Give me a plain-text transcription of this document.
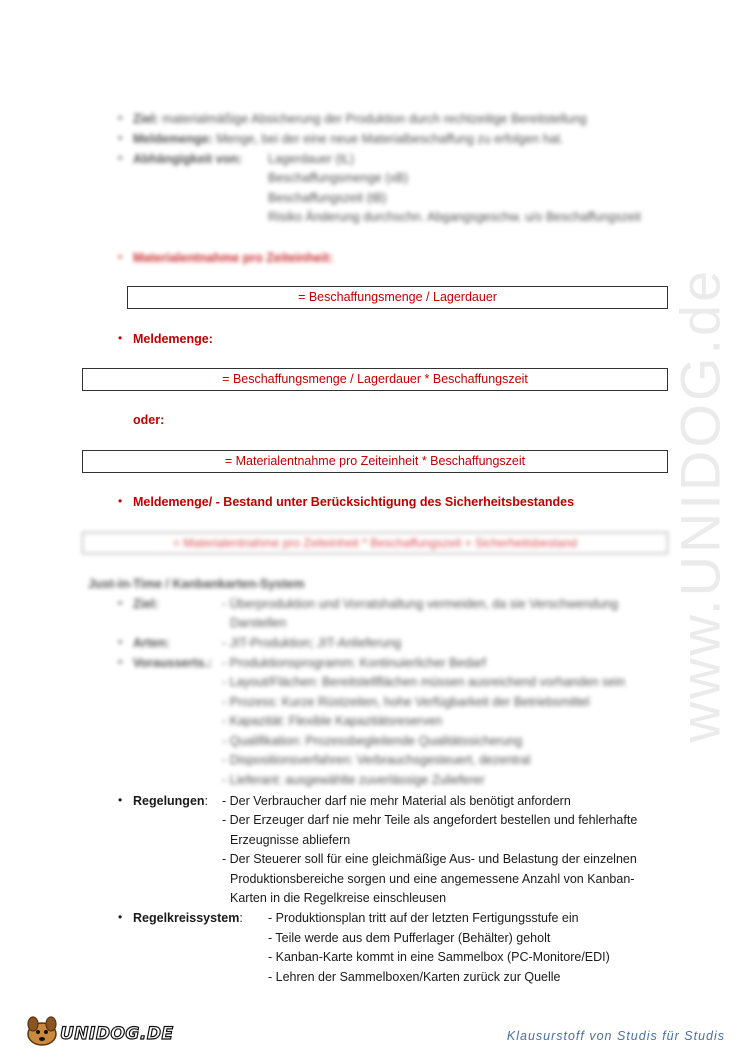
www.UNIDOG.de
• Ziel: materialmäßige Absicherung der Produktion durch rechtzeitige Bereitstellung
• Meldemenge: Menge, bei der eine neue Materialbeschaffung zu erfolgen hat.
• Abhängigkeit von: Lagerdauer (tL)
Beschaffungsmenge (xB)
Beschaffungszeit (tB)
Risiko Änderung durchschn. Abgangsgeschw. u/o Beschaffungszeit
• Materialentnahme pro Zeiteinheit:
= Beschaffungsmenge / Lagerdauer
• Meldemenge:
= Beschaffungsmenge / Lagerdauer * Beschaffungszeit
oder:
= Materialentnahme pro Zeiteinheit * Beschaffungszeit
• Meldemenge/ - Bestand unter Berücksichtigung des Sicherheitsbestandes
= Materialentnahme pro Zeiteinheit * Beschaffungszeit + Sicherheitsbestand
Just-in-Time / Kanbankarten-System
• Ziel:	- Überproduktion und Vorratshaltung vermeiden, da sie Verschwendung
Darstellen
• Arten:	- JIT-Produktion; JIT-Anlieferung
• Vorausserts.: - Produktionsprogramm: Kontinuierlicher Bedarf
- Layout/Flächen: Bereitstellflächen müssen ausreichend vorhanden sein
- Prozess: Kurze Rüstzeiten, hohe Verfügbarkeit der Betriebsmittel
- Kapazität: Flexible Kapazitätsreserven
- Qualifikation: Prozessbegleitende Qualitätssicherung
- Dispositionsverfahren: Verbrauchsgesteuert, dezentral
- Lieferant: ausgewählte zuverlässige Zulieferer
• Regelungen: - Der Verbraucher darf nie mehr Material als benötigt anfordern
- Der Erzeuger darf nie mehr Teile als angefordert bestellen und fehlerhafte
Erzeugnisse abliefern
- Der Steuerer soll für eine gleichmäßige Aus- und Belastung der einzelnen
Produktionsbereiche sorgen und eine angemessene Anzahl von Kanban-
Karten in die Regelkreise einschleusen
• Regelkreissystem: - Produktionsplan tritt auf der letzten Fertigungsstufe ein
- Teile werde aus dem Pufferlager (Behälter) geholt
- Kanban-Karte kommt in eine Sammelbox (PC-Monitore/EDI)
- Lehren der Sammelboxen/Karten zurück zur Quelle
UNIDOG.DE	Klausurstoff von Studis für Studis
